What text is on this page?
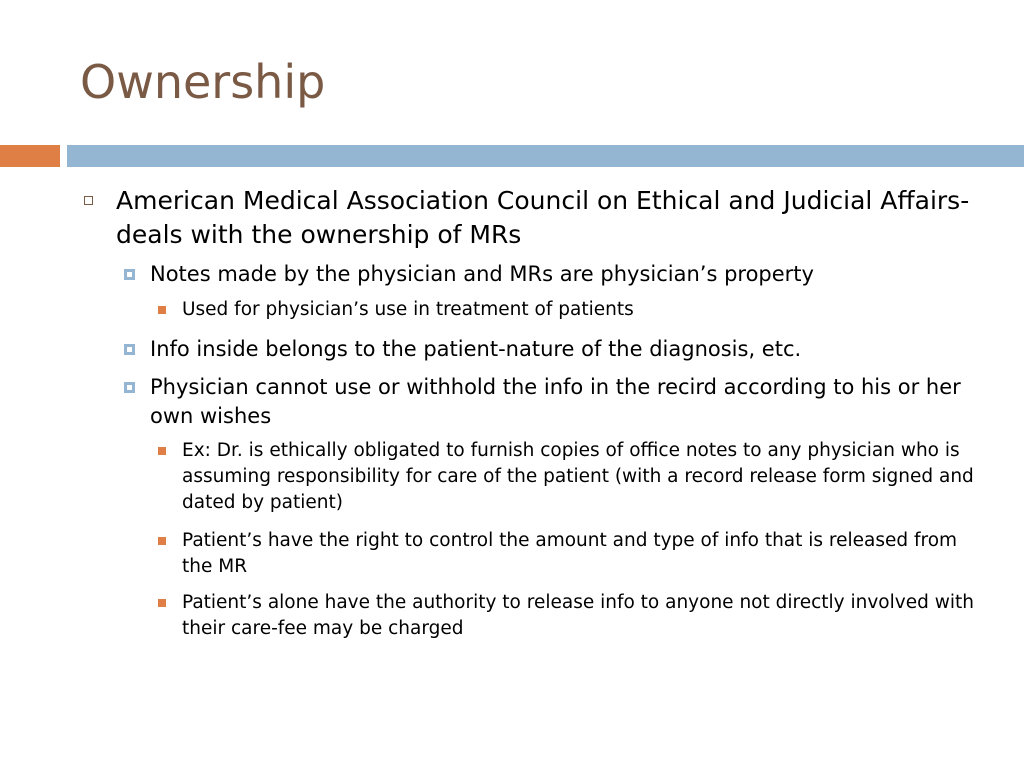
Ownership

American Medical Association Council on Ethical and Judicial Affairs-deals with the ownership of MRs

Notes made by the physician and MRs are physician’s property

Used for physician’s use in treatment of patients

Info inside belongs to the patient-nature of the diagnosis, etc.

Physician cannot use or withhold the info in the recird according to his or her own wishes

Ex: Dr. is ethically obligated to furnish copies of office notes to any physician who is assuming responsibility for care of the patient (with a record release form signed and dated by patient)

Patient’s have the right to control the amount and type of info that is released from the MR

Patient’s alone have the authority to release info to anyone not directly involved with their care-fee may be charged
